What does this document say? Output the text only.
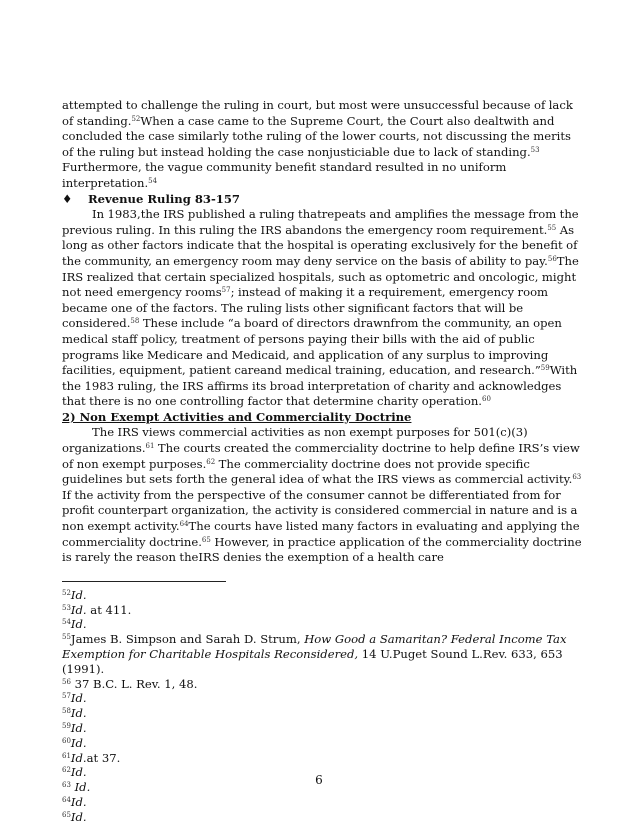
attempted to challenge the ruling in court, but most were unsuccessful because of lack of standing.$^{52}$When a case came to the Supreme Court, the Court also dealtwith and concluded the case similarly tothe ruling of the lower courts, not discussing the merits of the ruling but instead holding the case nonjusticiable due to lack of standing.$^{53}$ Furthermore, the vague community benefit standard resulted in no uniform interpretation.$^{54}$

♦ Revenue Ruling 83-157

In 1983,the IRS published a ruling thatrepeats and amplifies the message from the previous ruling. In this ruling the IRS abandons the emergency room requirement.$^{55}$ As long as other factors indicate that the hospital is operating exclusively for the benefit of the community, an emergency room may deny service on the basis of ability to pay.$^{56}$The IRS realized that certain specialized hospitals, such as optometric and oncologic, might not need emergency rooms$^{57}$; instead of making it a requirement, emergency room became one of the factors. The ruling lists other significant factors that will be considered.$^{58}$ These include “a board of directors drawnfrom the community, an open medical staff policy, treatment of persons paying their bills with the aid of public programs like Medicare and Medicaid, and application of any surplus to improving facilities, equipment, patient careand medical training, education, and research.”$^{59}$With the 1983 ruling, the IRS affirms its broad interpretation of charity and acknowledges that there is no one controlling factor that determine charity operation.$^{60}$

2) Non Exempt Activities and Commerciality Doctrine

The IRS views commercial activities as non exempt purposes for 501(c)(3) organizations.$^{61}$ The courts created the commerciality doctrine to help define IRS’s view of non exempt purposes.$^{62}$ The commerciality doctrine does not provide specific guidelines but sets forth the general idea of what the IRS views as commercial activity.$^{63}$ If the activity from the perspective of the consumer cannot be differentiated from for profit counterpart organization, the activity is considered commercial in nature and is a non exempt activity.$^{64}$The courts have listed many factors in evaluating and applying the commerciality doctrine.$^{65}$ However, in practice application of the commerciality doctrine is rarely the reason theIRS denies the exemption of a health care

$^{52}$Id.

$^{53}$Id. at 411.

$^{54}$Id.

$^{55}$James B. Simpson and Sarah D. Strum, How Good a Samaritan? Federal Income Tax Exemption for Charitable Hospitals Reconsidered, 14 U.Puget Sound L.Rev. 633, 653 (1991).

$^{56}$ 37 B.C. L. Rev. 1, 48.

$^{57}$Id.

$^{58}$Id.

$^{59}$Id.

$^{60}$Id.

$^{61}$Id.at 37.

$^{62}$Id.

$^{63}$ Id.

$^{64}$Id.

$^{65}$Id.

6
